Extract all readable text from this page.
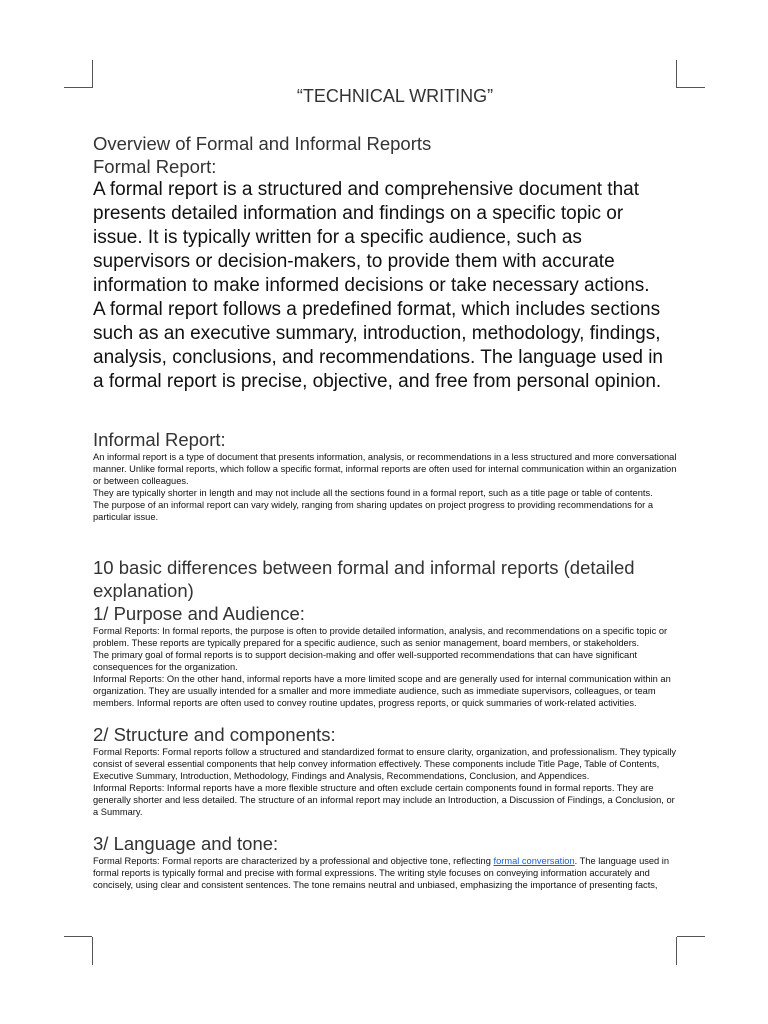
“TECHNICAL WRITING”

Overview of Formal and Informal Reports

Formal Report:

A formal report is a structured and comprehensive document that presents detailed information and findings on a specific topic or issue. It is typically written for a specific audience, such as supervisors or decision-makers, to provide them with accurate information to make informed decisions or take necessary actions.

A formal report follows a predefined format, which includes sections such as an executive summary, introduction, methodology, findings, analysis, conclusions, and recommendations. The language used in a formal report is precise, objective, and free from personal opinion.

Informal Report:

An informal report is a type of document that presents information, analysis, or recommendations in a less structured and more conversational manner. Unlike formal reports, which follow a specific format, informal reports are often used for internal communication within an organization or between colleagues.

They are typically shorter in length and may not include all the sections found in a formal report, such as a title page or table of contents.

The purpose of an informal report can vary widely, ranging from sharing updates on project progress to providing recommendations for a particular issue.

10 basic differences between formal and informal reports (detailed explanation)

1/ Purpose and Audience:

Formal Reports: In formal reports, the purpose is often to provide detailed information, analysis, and recommendations on a specific topic or problem. These reports are typically prepared for a specific audience, such as senior management, board members, or stakeholders.

The primary goal of formal reports is to support decision-making and offer well-supported recommendations that can have significant consequences for the organization.

Informal Reports: On the other hand, informal reports have a more limited scope and are generally used for internal communication within an organization. They are usually intended for a smaller and more immediate audience, such as immediate supervisors, colleagues, or team members. Informal reports are often used to convey routine updates, progress reports, or quick summaries of work-related activities.

2/ Structure and components:

Formal Reports: Formal reports follow a structured and standardized format to ensure clarity, organization, and professionalism. They typically consist of several essential components that help convey information effectively. These components include Title Page, Table of Contents, Executive Summary, Introduction, Methodology, Findings and Analysis, Recommendations, Conclusion, and Appendices.

Informal Reports: Informal reports have a more flexible structure and often exclude certain components found in formal reports. They are generally shorter and less detailed. The structure of an informal report may include an Introduction, a Discussion of Findings, a Conclusion, or a Summary.

3/ Language and tone:

Formal Reports: Formal reports are characterized by a professional and objective tone, reflecting formal conversation. The language used in formal reports is typically formal and precise with formal expressions. The writing style focuses on conveying information accurately and concisely, using clear and consistent sentences. The tone remains neutral and unbiased, emphasizing the importance of presenting facts,
